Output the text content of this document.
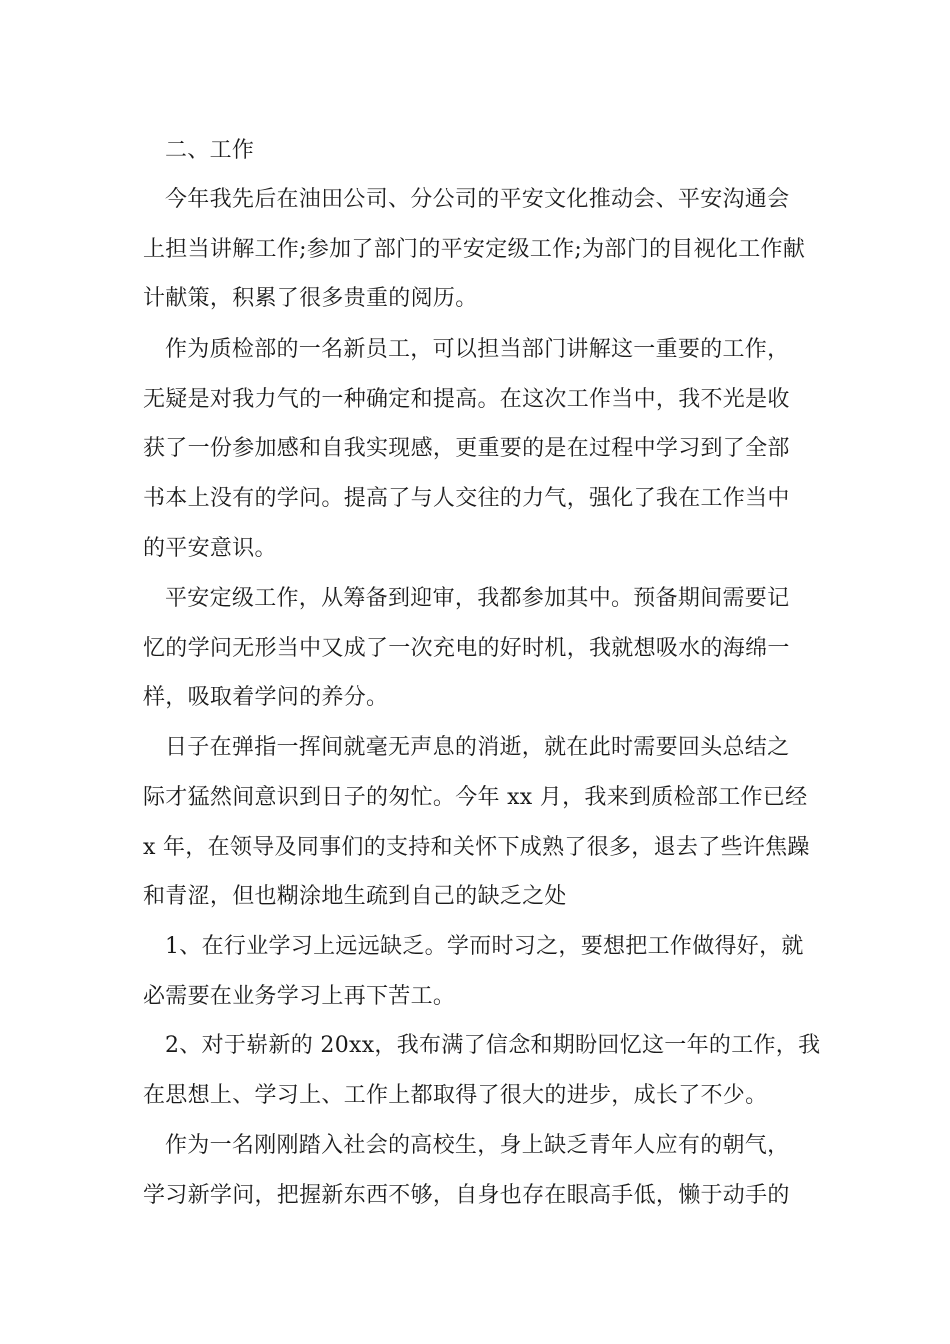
二、工作
今年我先后在油田公司、分公司的平安文化推动会、平安沟通会
上担当讲解工作;参加了部门的平安定级工作;为部门的目视化工作献
计献策，积累了很多贵重的阅历。
作为质检部的一名新员工，可以担当部门讲解这一重要的工作，
无疑是对我力气的一种确定和提高。在这次工作当中，我不光是收
获了一份参加感和自我实现感，更重要的是在过程中学习到了全部
书本上没有的学问。提高了与人交往的力气，强化了我在工作当中
的平安意识。
平安定级工作，从筹备到迎审，我都参加其中。预备期间需要记
忆的学问无形当中又成了一次充电的好时机，我就想吸水的海绵一
样，吸取着学问的养分。
日子在弹指一挥间就毫无声息的消逝，就在此时需要回头总结之
际才猛然间意识到日子的匆忙。今年 xx 月，我来到质检部工作已经
x 年，在领导及同事们的支持和关怀下成熟了很多，退去了些许焦躁
和青涩，但也糊涂地生疏到自己的缺乏之处
1、在行业学习上远远缺乏。学而时习之，要想把工作做得好，就
必需要在业务学习上再下苦工。
2、对于崭新的 20xx，我布满了信念和期盼回忆这一年的工作，我
在思想上、学习上、工作上都取得了很大的进步，成长了不少。
作为一名刚刚踏入社会的高校生，身上缺乏青年人应有的朝气，
学习新学问，把握新东西不够，自身也存在眼高手低，懒于动手的
